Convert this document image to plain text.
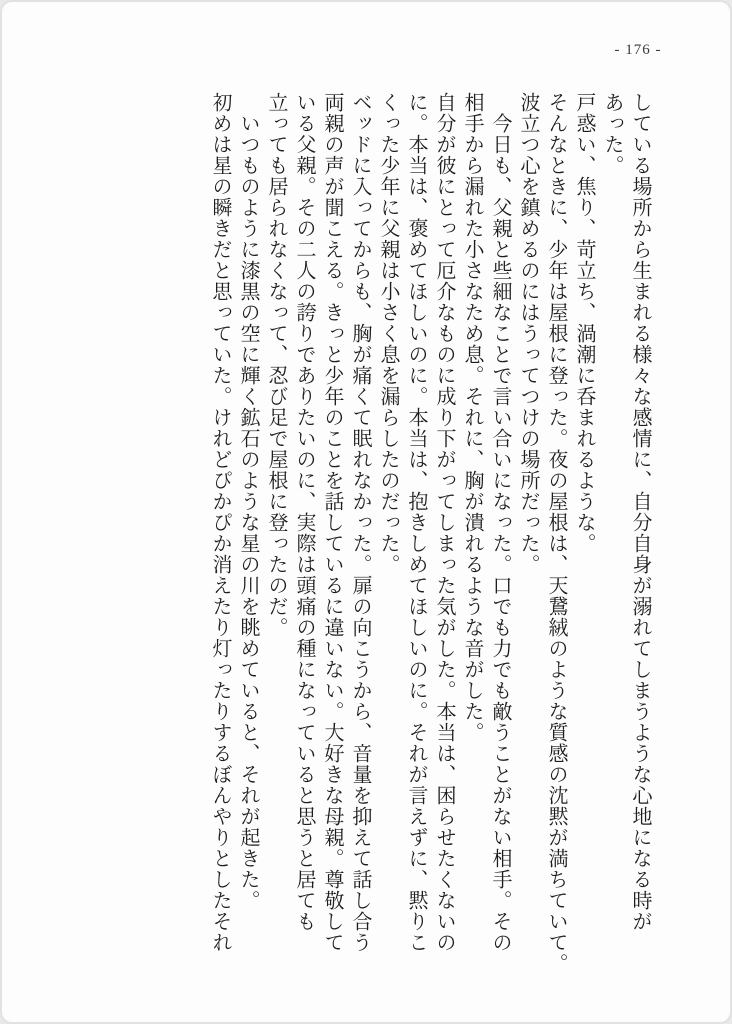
- 176 -
している場所から生まれる様々な感情に、自分自身が溺れてしまうような心地になる時が
あった。
戸惑い、焦り、苛立ち、渦潮に呑まれるような。
そんなときに、少年は屋根に登った。夜の屋根は、天鵞絨のような質感の沈黙が満ちていて。
波立つ心を鎮めるのにはうってつけの場所だった。
　今日も、父親と些細なことで言い合いになった。口でも力でも敵うことがない相手。その
相手から漏れた小さなため息。それに、胸が潰れるような音がした。
自分が彼にとって厄介なものに成り下がってしまった気がした。本当は、困らせたくないの
に。本当は、褒めてほしいのに。本当は、抱きしめてほしいのに。それが言えずに、黙りこ
くった少年に父親は小さく息を漏らしたのだった。
ベッドに入ってからも、胸が痛くて眠れなかった。扉の向こうから、音量を抑えて話し合う
両親の声が聞こえる。きっと少年のことを話しているに違いない。大好きな母親。尊敬して
いる父親。その二人の誇りでありたいのに、実際は頭痛の種になっていると思うと居ても
立っても居られなくなって、忍び足で屋根に登ったのだ。
　いつものように漆黒の空に輝く鉱石のような星の川を眺めていると、それが起きた。
初めは星の瞬きだと思っていた。けれどぴかぴか消えたり灯ったりするぼんやりとしたそれ
